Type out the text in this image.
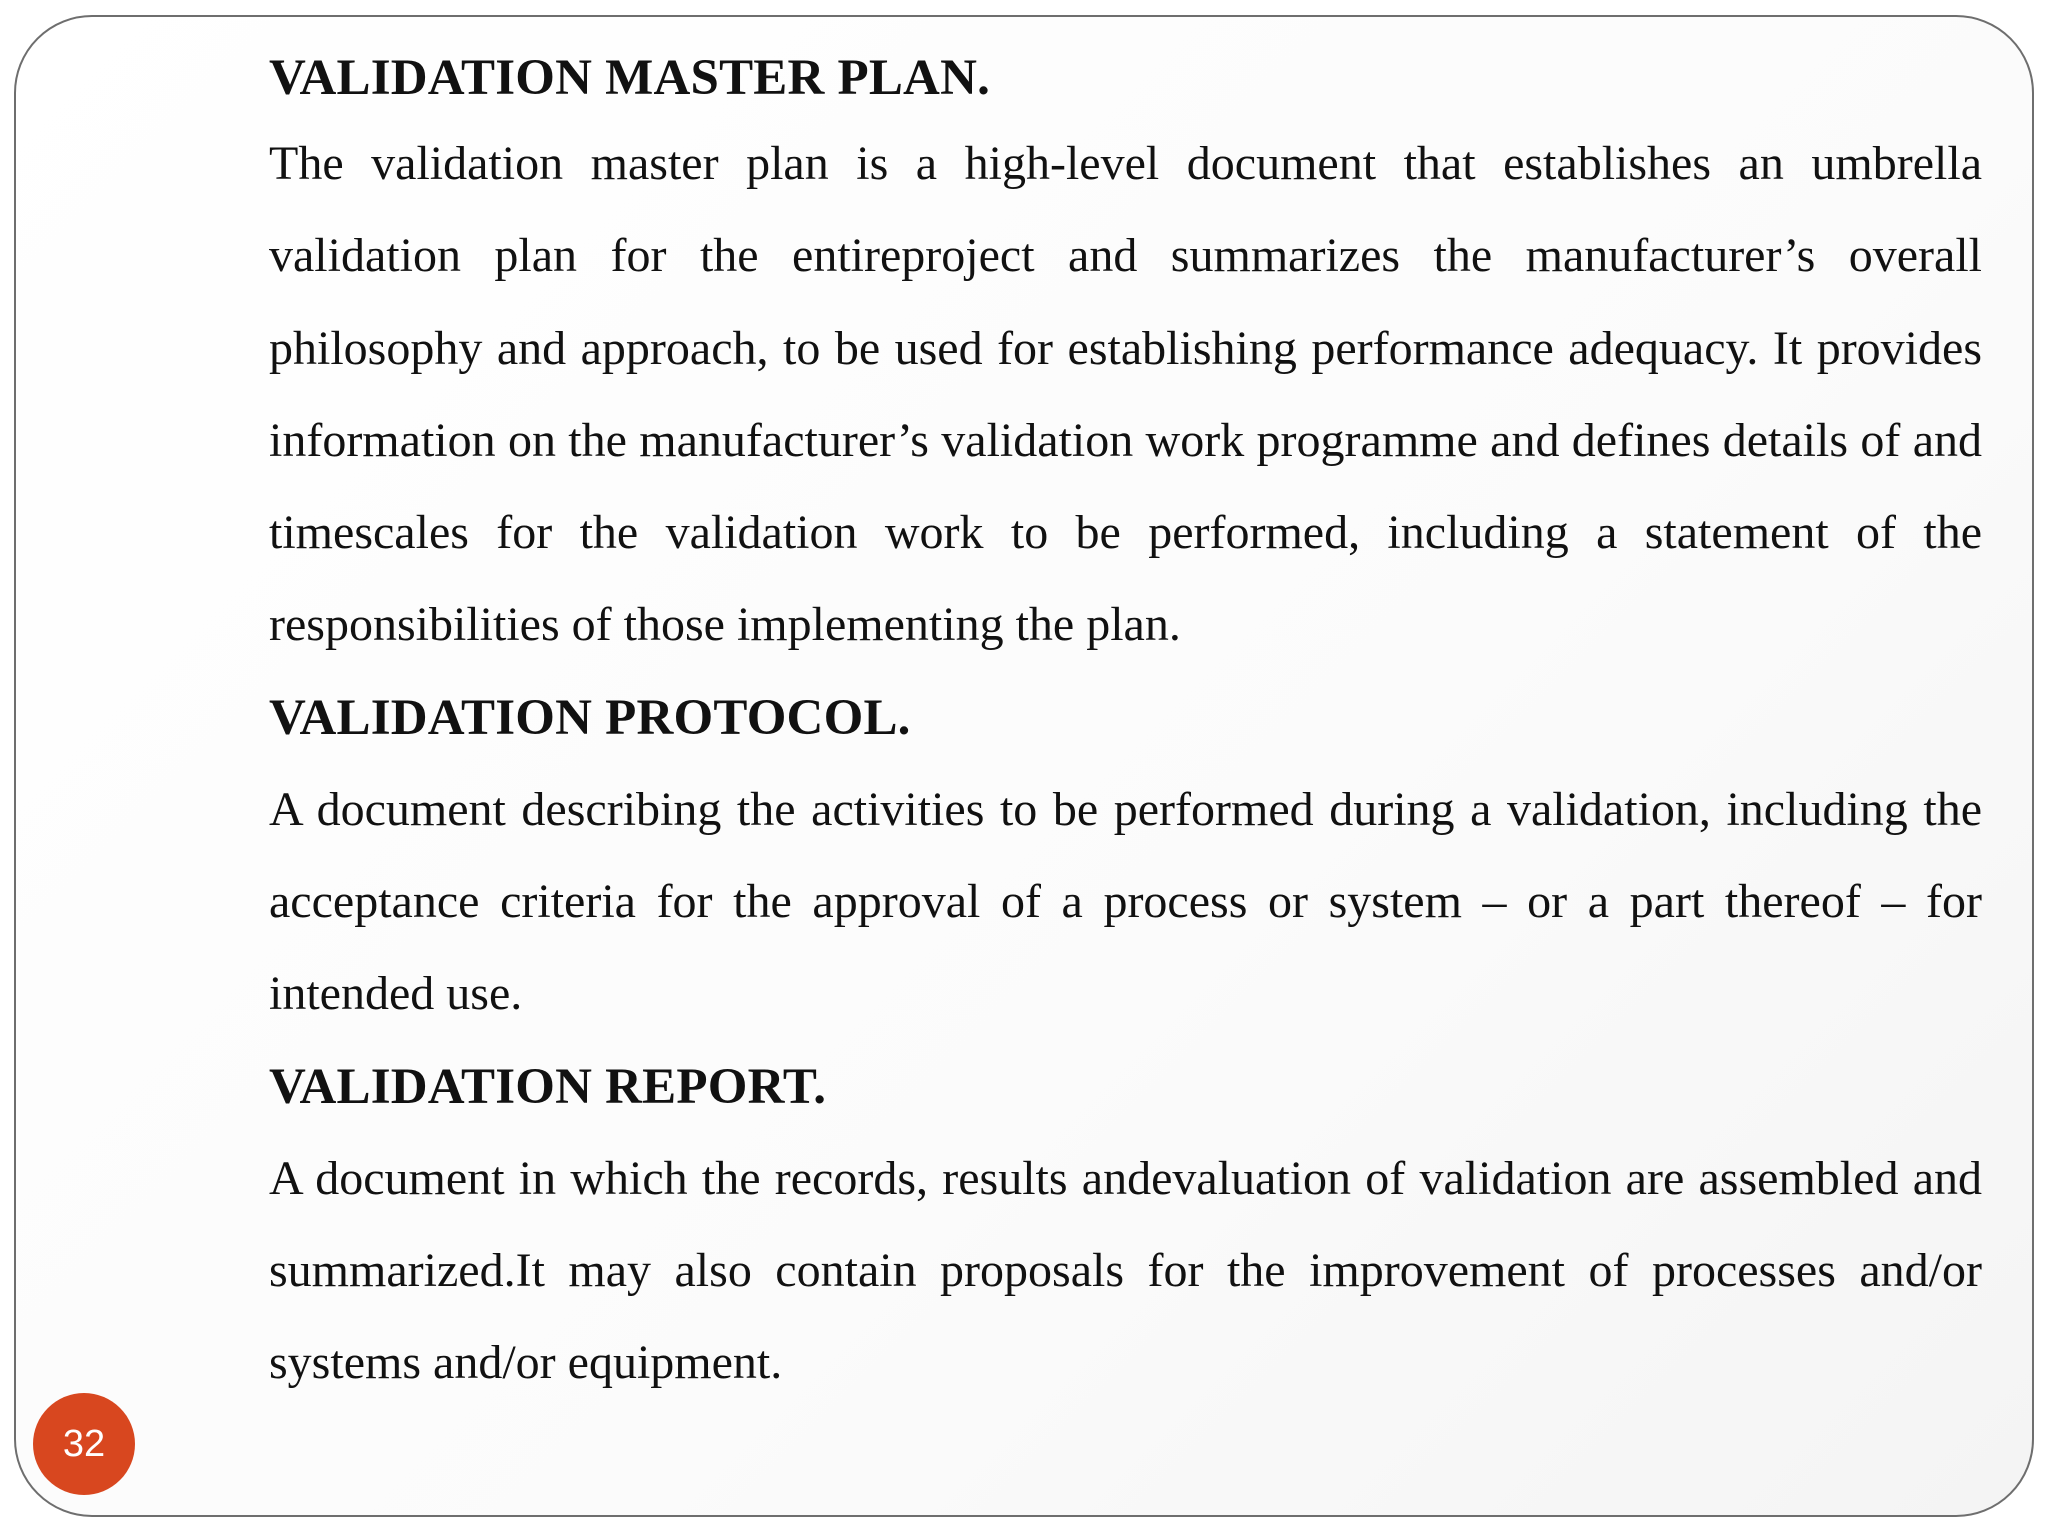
VALIDATION MASTER PLAN.

The validation master plan is a high-level document that establishes an umbrella validation plan for the entireproject and summarizes the manufacturer’s overall philosophy and approach, to be used for establishing performance adequacy. It provides information on the manufacturer’s validation work programme and defines details of and timescales for the validation work to be performed, including a statement of the responsibilities of those implementing the plan.

VALIDATION PROTOCOL.

A document describing the activities to be performed during a validation, including the acceptance criteria for the approval of a process or system – or a part thereof – for intended use.

VALIDATION REPORT.

A document in which the records, results andevaluation of validation are assembled and summarized.It may also contain proposals for the improvement of processes and/or systems and/or equipment.

32
